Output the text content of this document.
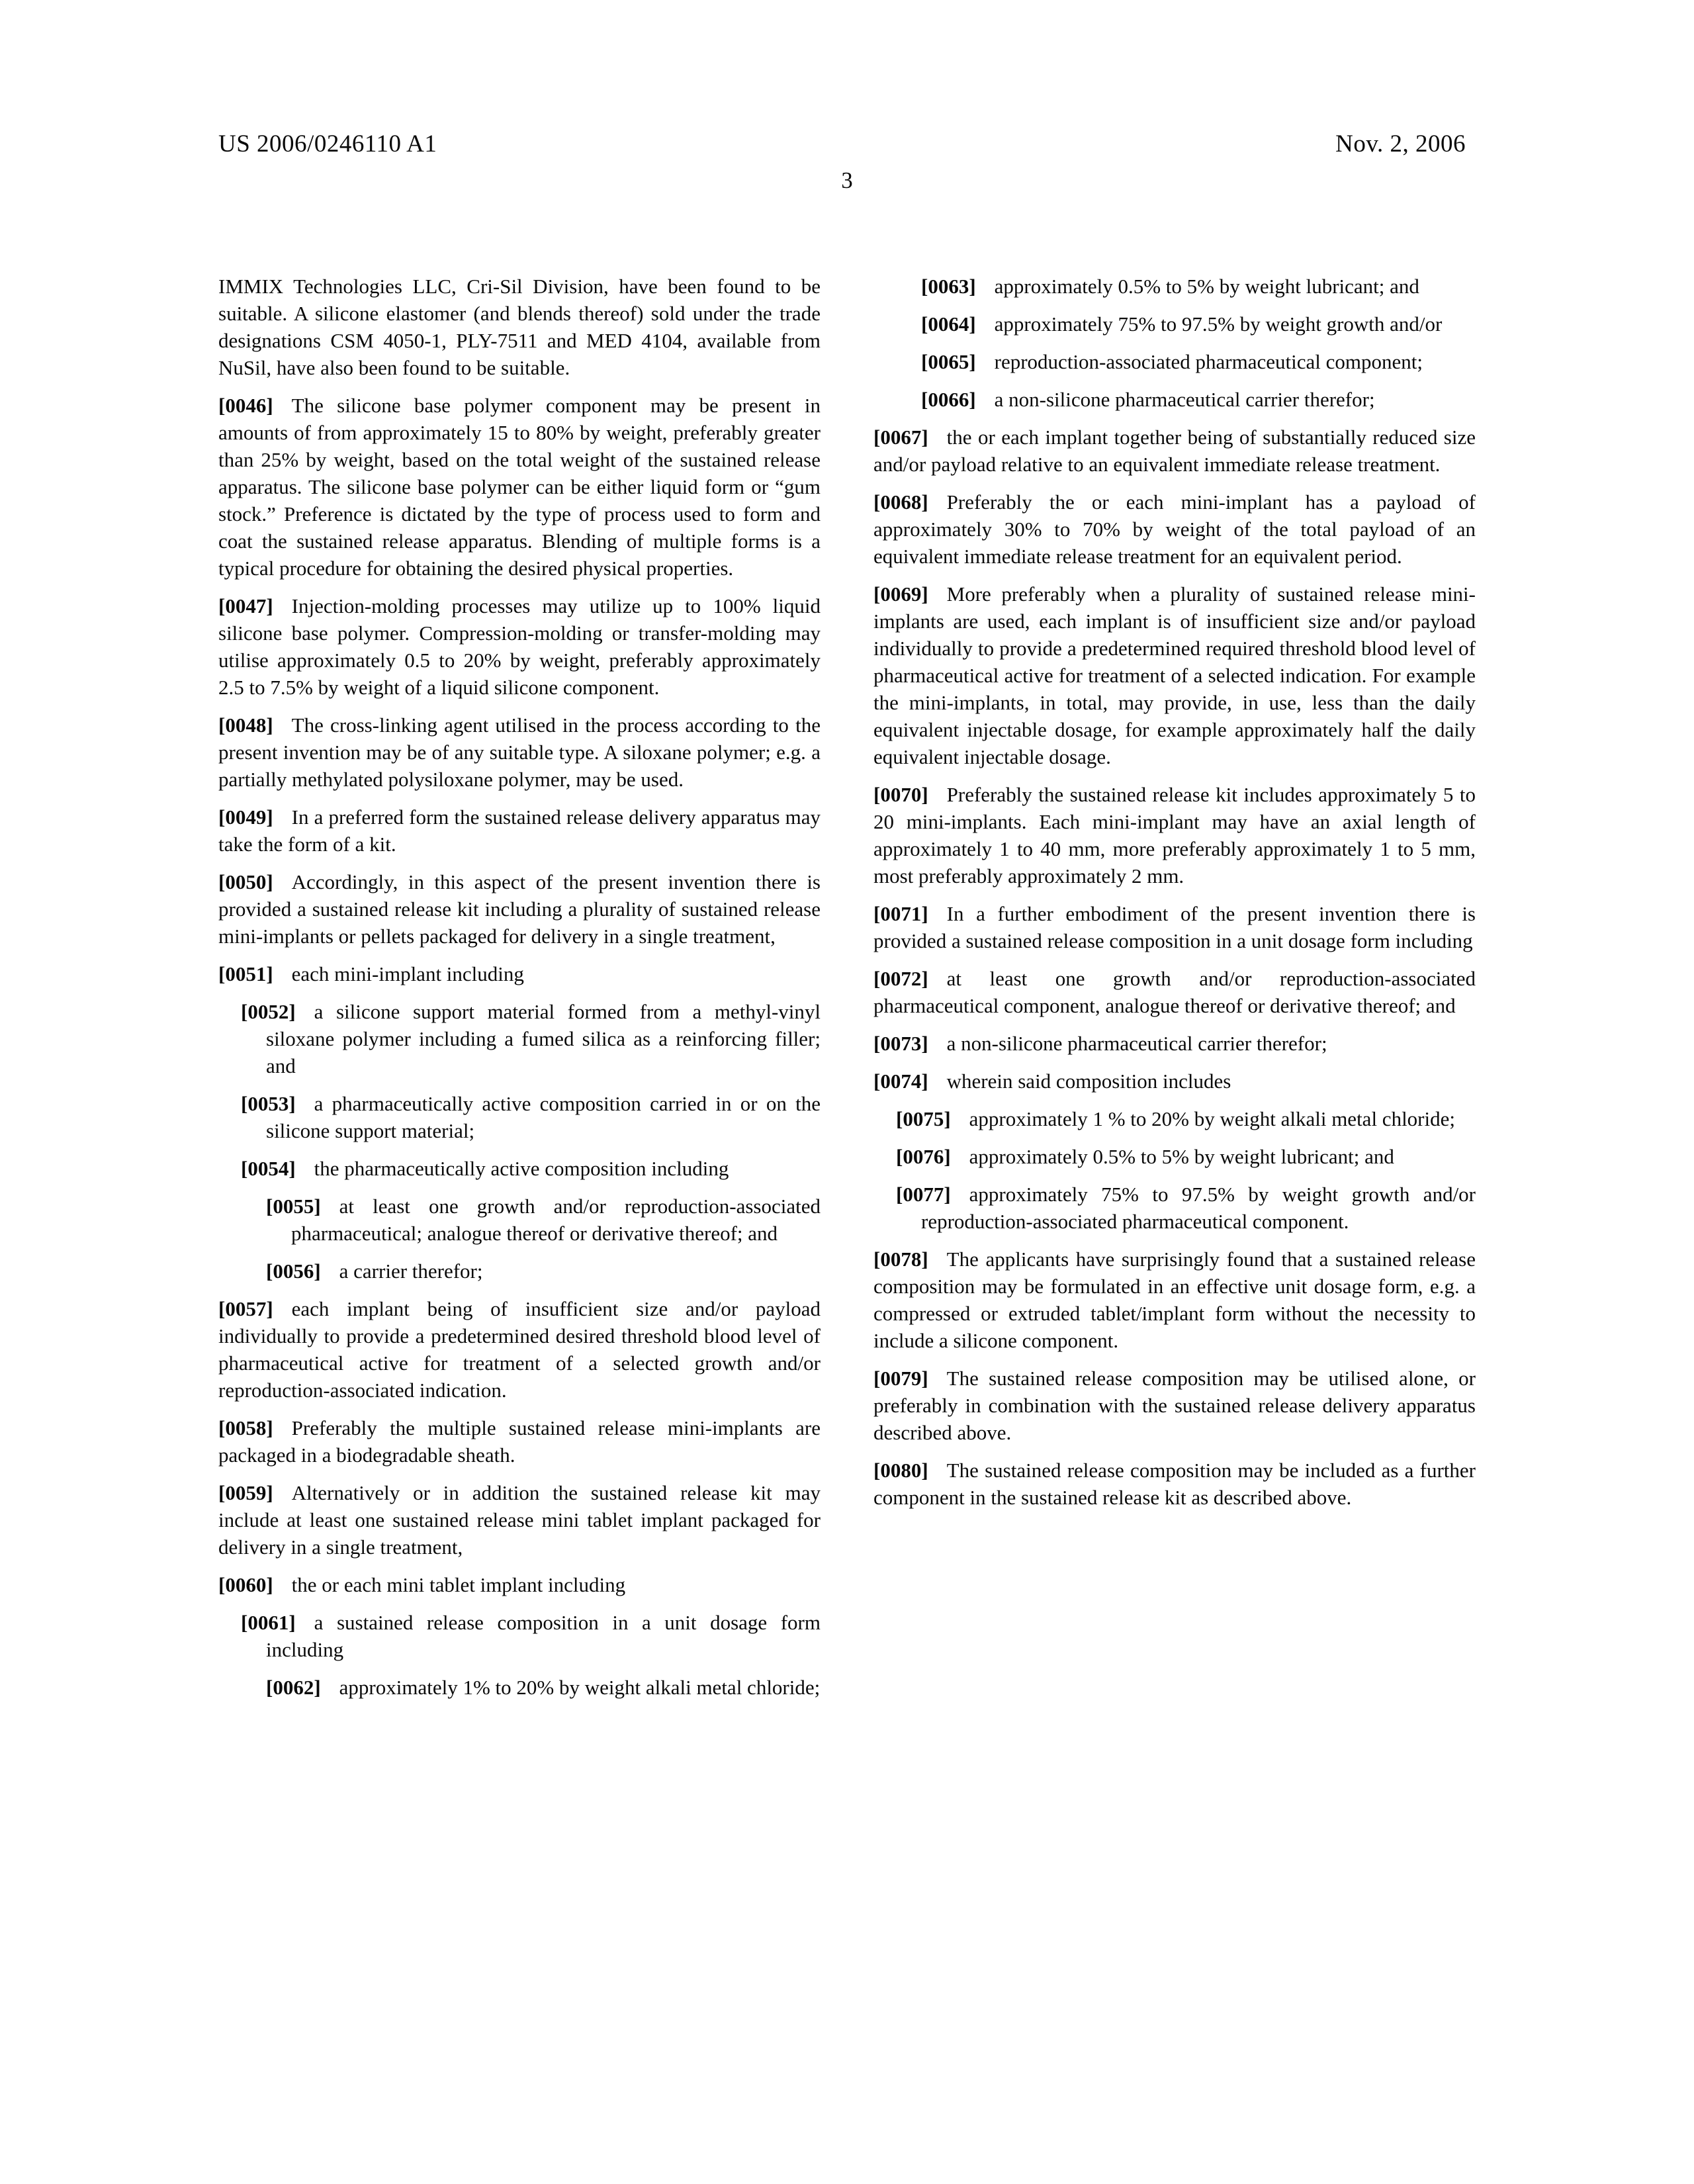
US 2006/0246110 A1	Nov. 2, 2006
3

IMMIX Technologies LLC, Cri-Sil Division, have been found to be suitable. A silicone elastomer (and blends thereof) sold under the trade designations CSM 4050-1, PLY-7511 and MED 4104, available from NuSil, have also been found to be suitable.

[0046] The silicone base polymer component may be present in amounts of from approximately 15 to 80% by weight, preferably greater than 25% by weight, based on the total weight of the sustained release apparatus. The silicone base polymer can be either liquid form or “gum stock.” Preference is dictated by the type of process used to form and coat the sustained release apparatus. Blending of multiple forms is a typical procedure for obtaining the desired physical properties.

[0047] Injection-molding processes may utilize up to 100% liquid silicone base polymer. Compression-molding or transfer-molding may utilise approximately 0.5 to 20% by weight, preferably approximately 2.5 to 7.5% by weight of a liquid silicone component.

[0048] The cross-linking agent utilised in the process according to the present invention may be of any suitable type. A siloxane polymer; e.g. a partially methylated polysiloxane polymer, may be used.

[0049] In a preferred form the sustained release delivery apparatus may take the form of a kit.

[0050] Accordingly, in this aspect of the present invention there is provided a sustained release kit including a plurality of sustained release mini-implants or pellets packaged for delivery in a single treatment,

[0051] each mini-implant including

[0052] a silicone support material formed from a methyl-vinyl siloxane polymer including a fumed silica as a reinforcing filler; and

[0053] a pharmaceutically active composition carried in or on the silicone support material;

[0054] the pharmaceutically active composition including

[0055] at least one growth and/or reproduction-associated pharmaceutical; analogue thereof or derivative thereof; and

[0056] a carrier therefor;

[0057] each implant being of insufficient size and/or payload individually to provide a predetermined desired threshold blood level of pharmaceutical active for treatment of a selected growth and/or reproduction-associated indication.

[0058] Preferably the multiple sustained release mini-implants are packaged in a biodegradable sheath.

[0059] Alternatively or in addition the sustained release kit may include at least one sustained release mini tablet implant packaged for delivery in a single treatment,

[0060] the or each mini tablet implant including

[0061] a sustained release composition in a unit dosage form including

[0062] approximately 1% to 20% by weight alkali metal chloride;

[0063] approximately 0.5% to 5% by weight lubricant; and

[0064] approximately 75% to 97.5% by weight growth and/or

[0065] reproduction-associated pharmaceutical component;

[0066] a non-silicone pharmaceutical carrier therefor;

[0067] the or each implant together being of substantially reduced size and/or payload relative to an equivalent immediate release treatment.

[0068] Preferably the or each mini-implant has a payload of approximately 30% to 70% by weight of the total payload of an equivalent immediate release treatment for an equivalent period.

[0069] More preferably when a plurality of sustained release mini-implants are used, each implant is of insufficient size and/or payload individually to provide a predetermined required threshold blood level of pharmaceutical active for treatment of a selected indication. For example the mini-implants, in total, may provide, in use, less than the daily equivalent injectable dosage, for example approximately half the daily equivalent injectable dosage.

[0070] Preferably the sustained release kit includes approximately 5 to 20 mini-implants. Each mini-implant may have an axial length of approximately 1 to 40 mm, more preferably approximately 1 to 5 mm, most preferably approximately 2 mm.

[0071] In a further embodiment of the present invention there is provided a sustained release composition in a unit dosage form including

[0072] at least one growth and/or reproduction-associated pharmaceutical component, analogue thereof or derivative thereof; and

[0073] a non-silicone pharmaceutical carrier therefor;

[0074] wherein said composition includes

[0075] approximately 1 % to 20% by weight alkali metal chloride;

[0076] approximately 0.5% to 5% by weight lubricant; and

[0077] approximately 75% to 97.5% by weight growth and/or reproduction-associated pharmaceutical component.

[0078] The applicants have surprisingly found that a sustained release composition may be formulated in an effective unit dosage form, e.g. a compressed or extruded tablet/implant form without the necessity to include a silicone component.

[0079] The sustained release composition may be utilised alone, or preferably in combination with the sustained release delivery apparatus described above.

[0080] The sustained release composition may be included as a further component in the sustained release kit as described above.
